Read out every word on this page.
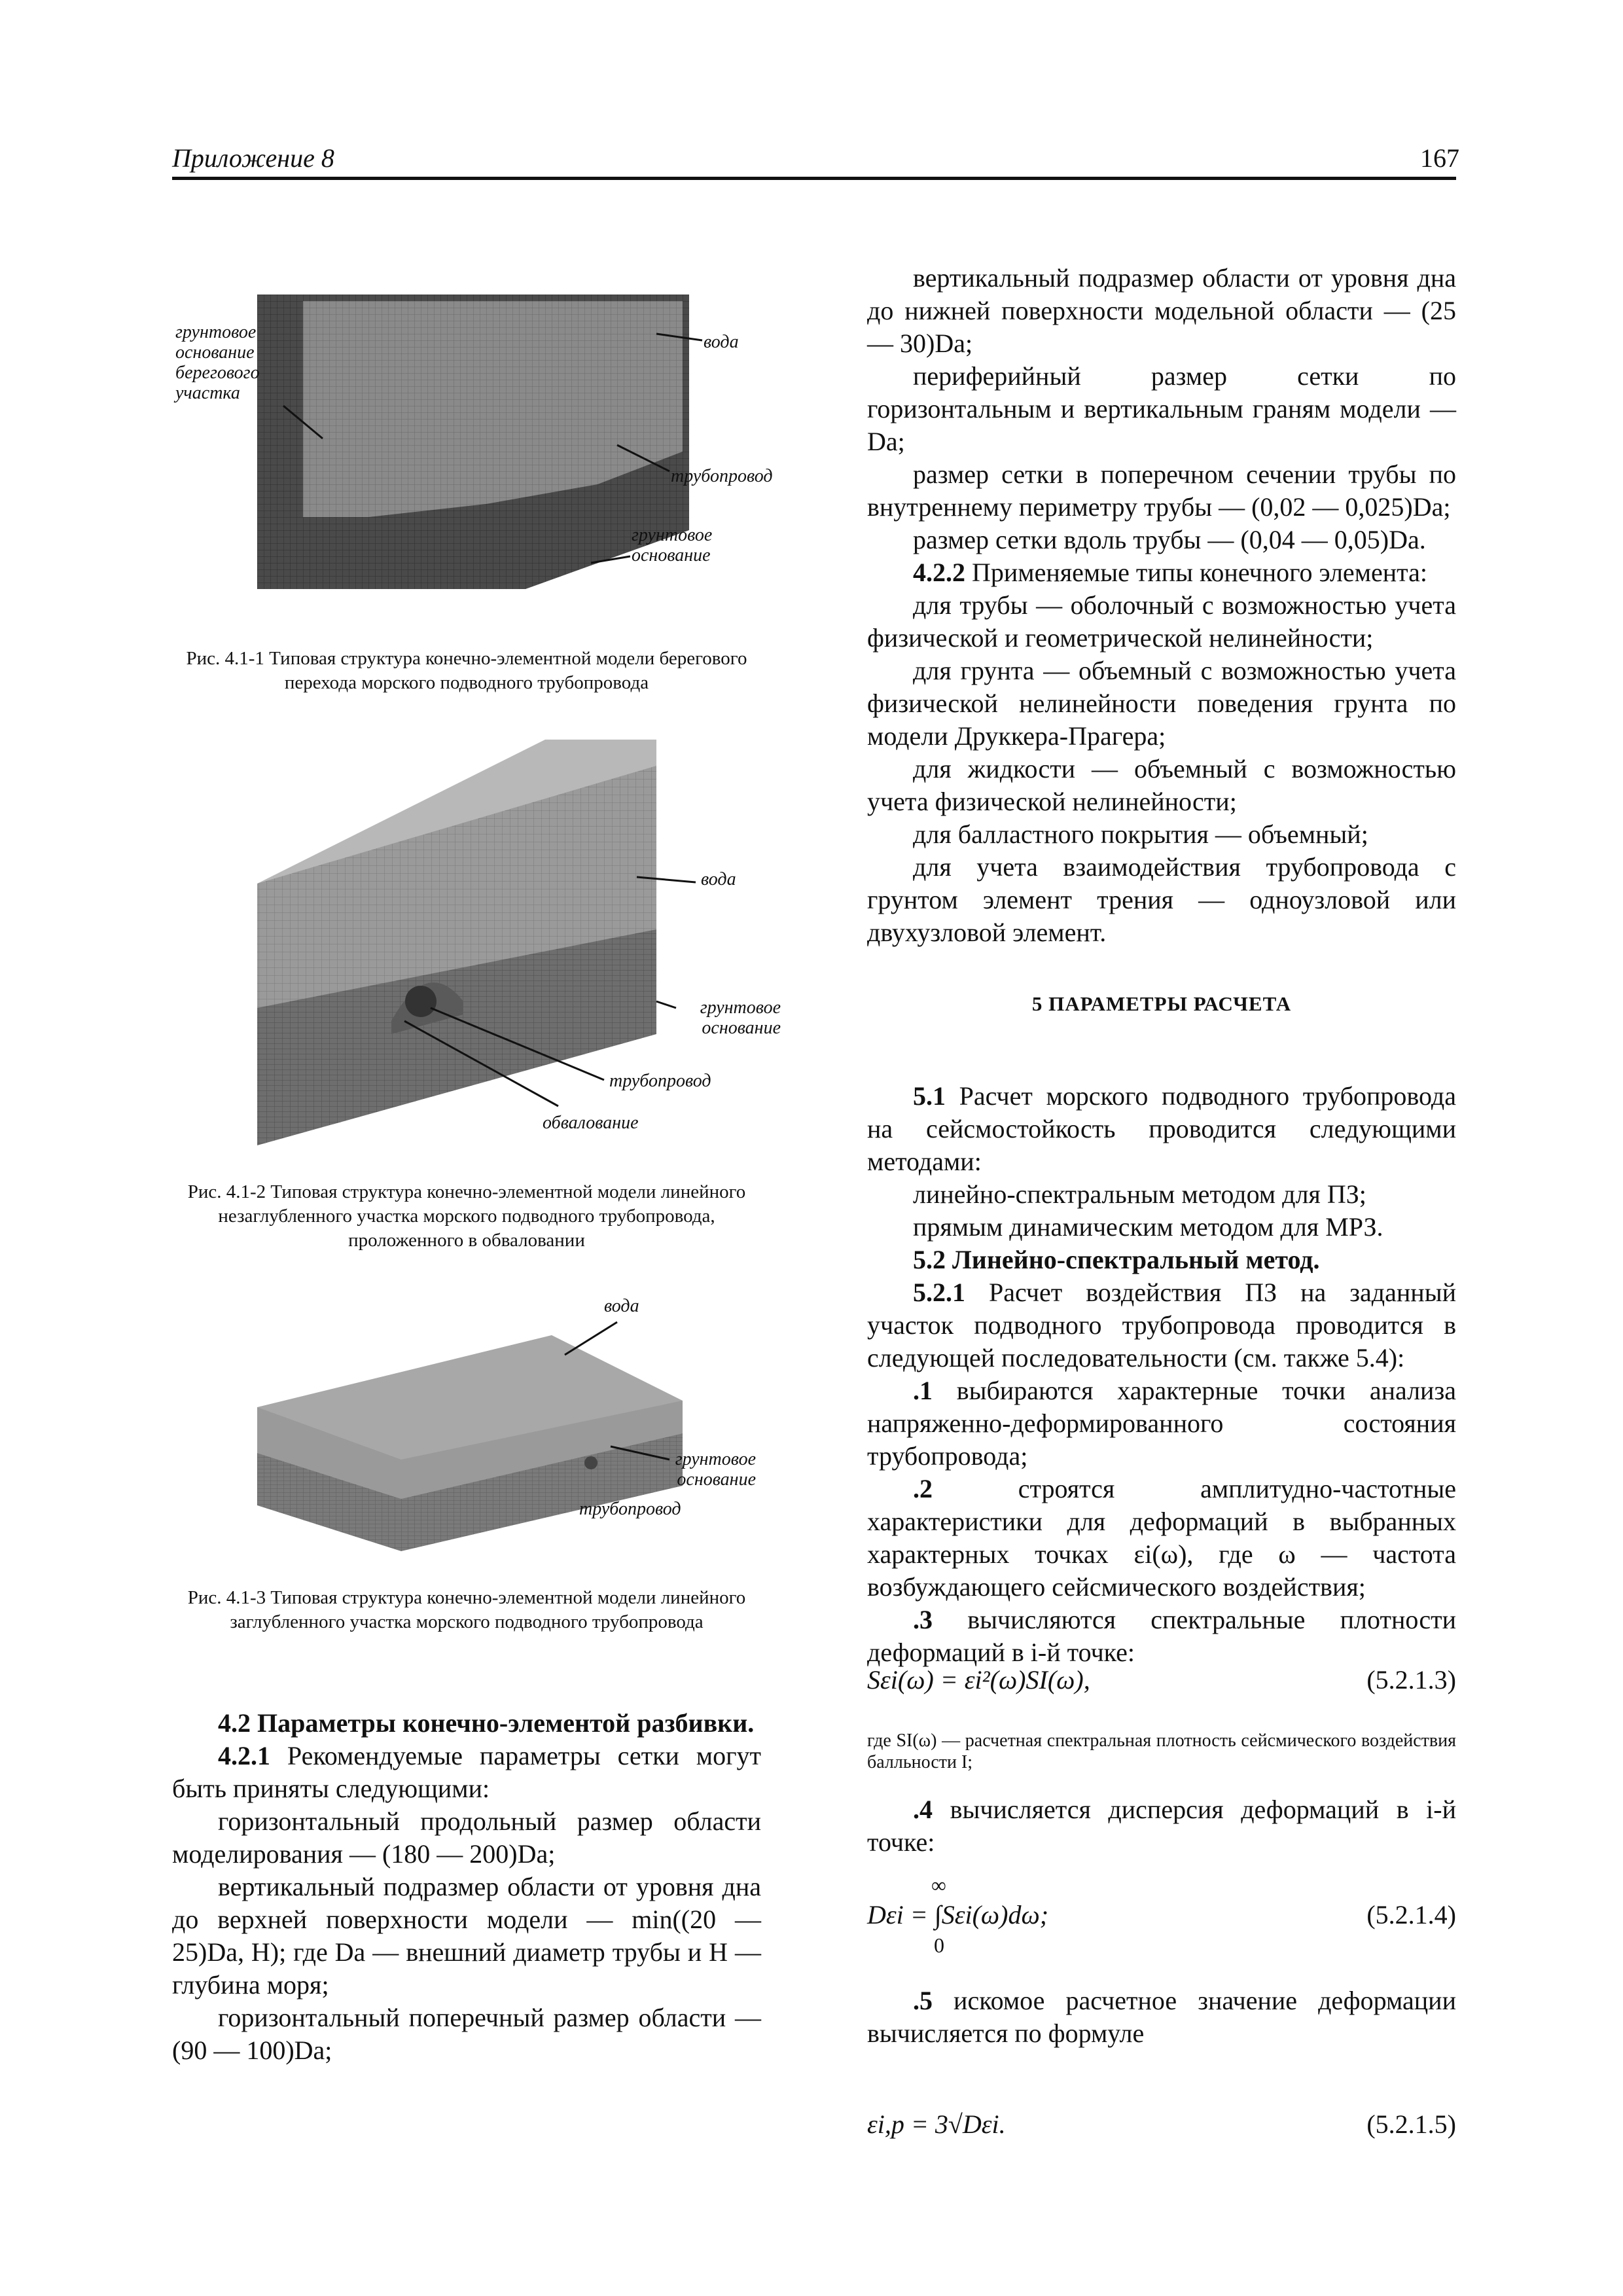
Приложение 8	167
грунтовое основание берегового участка
вода
трубопровод
грунтовое основание
Рис. 4.1-1 Типовая структура конечно-элементной модели берегового перехода морского подводного трубопровода
вода
грунтовое основание
трубопровод
обвалование
Рис. 4.1-2 Типовая структура конечно-элементной модели линейного незаглубленного участка морского подводного трубопровода, проложенного в обваловании
вода
грунтовое основание
трубопровод
Рис. 4.1-3 Типовая структура конечно-элементной модели линейного заглубленного участка морского подводного трубопровода

4.2 Параметры конечно-элементой разбивки.

4.2.1 Рекомендуемые параметры сетки могут быть приняты следующими:

горизонтальный продольный размер области моделирования — (180 — 200)Da;

вертикальный подразмер области от уровня дна до верхней поверхности модели — min((20 — 25)Da, H); где Da — внешний диаметр трубы и H — глубина моря;

горизонтальный поперечный размер области — (90 — 100)Da;

вертикальный подразмер области от уровня дна до нижней поверхности модельной области — (25 — 30)Da;

периферийный размер сетки по горизонтальным и вертикальным граням модели — Da;

размер сетки в поперечном сечении трубы по внутреннему периметру трубы — (0,02 — 0,025)Da;

размер сетки вдоль трубы — (0,04 — 0,05)Da.

4.2.2 Применяемые типы конечного элемента:

для трубы — оболочный с возможностью учета физической и геометрической нелинейности;

для грунта — объемный с возможностью учета физической нелинейности поведения грунта по модели Друккера-Прагера;

для жидкости — объемный с возможностью учета физической нелинейности;

для балластного покрытия — объемный;

для учета взаимодействия трубопровода с грунтом элемент трения — одноузловой или двухузловой элемент.

5 ПАРАМЕТРЫ РАСЧЕТА

5.1 Расчет морского подводного трубопровода на сейсмостойкость проводится следующими методами:

линейно-спектральным методом для ПЗ;

прямым динамическим методом для МРЗ.

5.2 Линейно-спектральный метод.

5.2.1 Расчет воздействия ПЗ на заданный участок подводного трубопровода проводится в следующей последовательности (см. также 5.4):

.1 выбираются характерные точки анализа напряженно-деформированного состояния трубопровода;

.2 строятся амплитудно-частотные характеристики для деформаций в выбранных характерных точках εi(ω), где ω — частота возбуждающего сейсмического воздействия;

.3 вычисляются спектральные плотности деформаций в i-й точке:

Sεi(ω) = εi²(ω)SI(ω),	(5.2.1.3)
где SI(ω) — расчетная спектральная плотность сейсмического воздействия балльности I;

.4 вычисляется дисперсия деформаций в i-й точке:

∞
Dεi = ∫Sεi(ω)dω;
0
(5.2.1.4)

.5 искомое расчетное значение деформации вычисляется по формуле

εi,p = 3√Dεi.	(5.2.1.5)
